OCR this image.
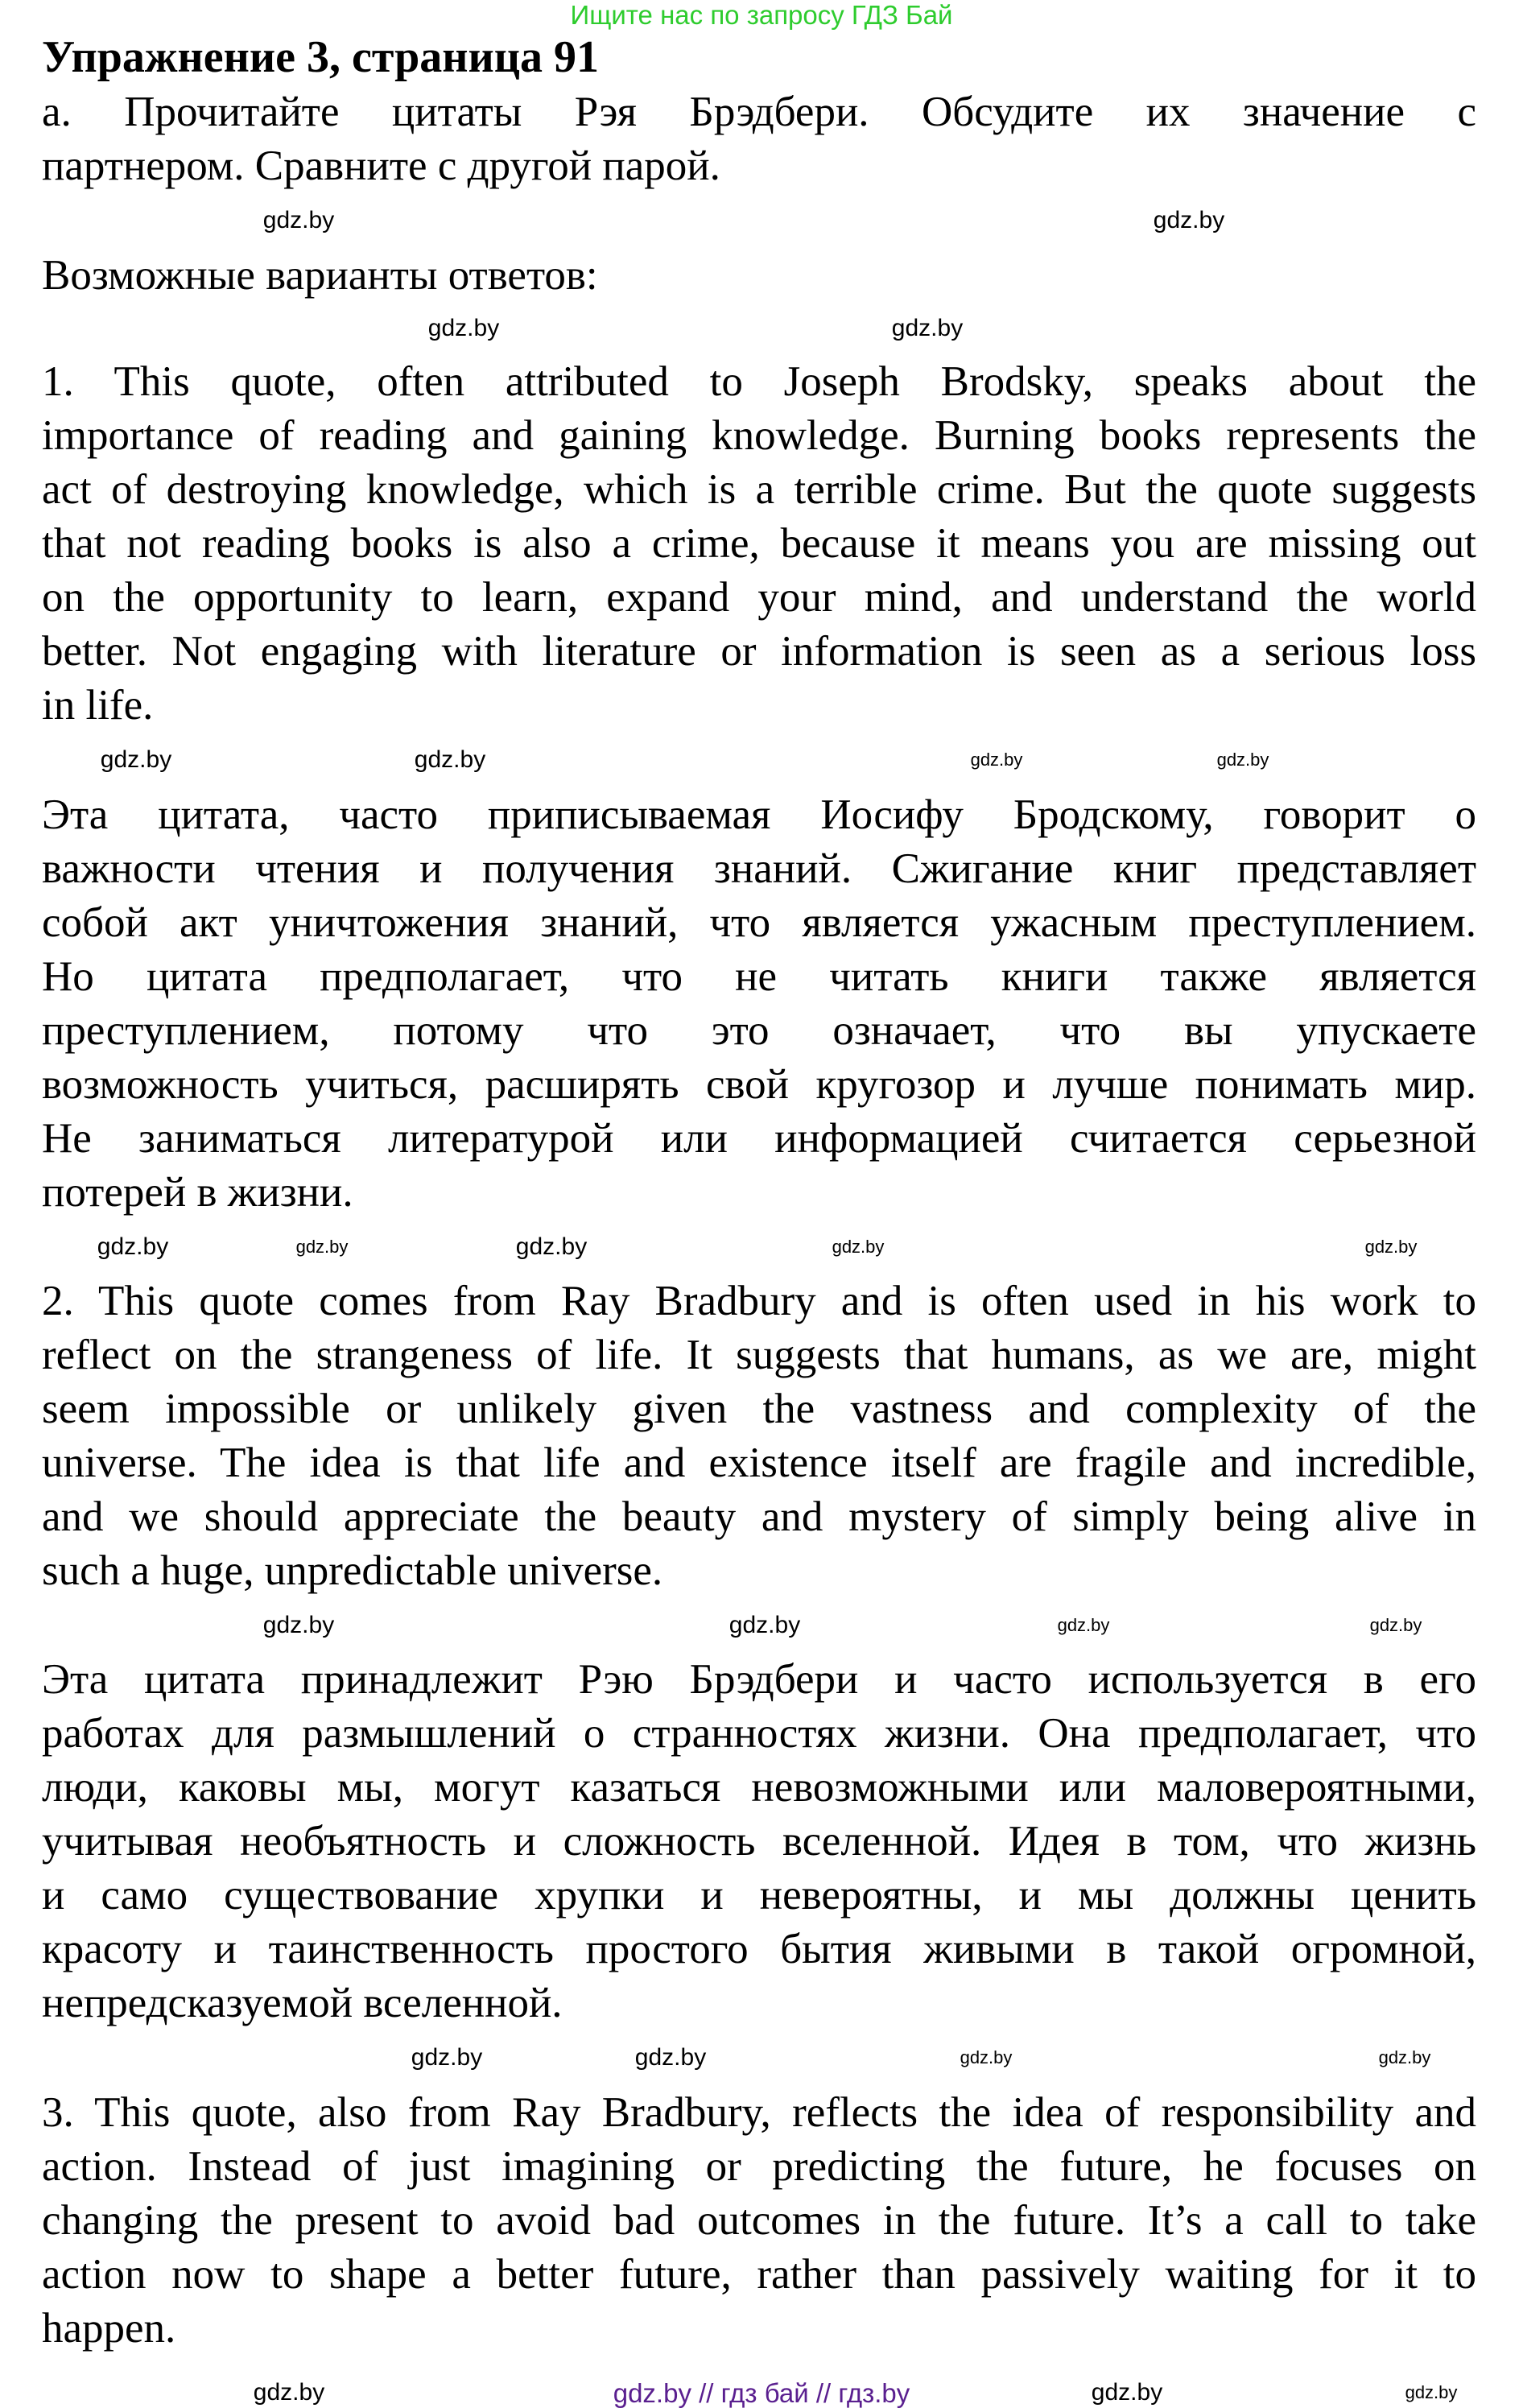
Ищите нас по запросу ГДЗ Бай
Упражнение 3, страница 91
а. Прочитайте цитаты Рэя Брэдбери. Обсудите их значение с
партнером. Сравните с другой парой.
Возможные варианты ответов:
1. This quote, often attributed to Joseph Brodsky, speaks about the
importance of reading and gaining knowledge. Burning books represents the
act of destroying knowledge, which is a terrible crime. But the quote suggests
that not reading books is also a crime, because it means you are missing out
on the opportunity to learn, expand your mind, and understand the world
better. Not engaging with literature or information is seen as a serious loss
in life.
Эта цитата, часто приписываемая Иосифу Бродскому, говорит о
важности чтения и получения знаний. Сжигание книг представляет
собой акт уничтожения знаний, что является ужасным преступлением.
Но цитата предполагает, что не читать книги также является
преступлением, потому что это означает, что вы упускаете
возможность учиться, расширять свой кругозор и лучше понимать мир.
Не заниматься литературой или информацией считается серьезной
потерей в жизни.
2. This quote comes from Ray Bradbury and is often used in his work to
reflect on the strangeness of life. It suggests that humans, as we are, might
seem impossible or unlikely given the vastness and complexity of the
universe. The idea is that life and existence itself are fragile and incredible,
and we should appreciate the beauty and mystery of simply being alive in
such a huge, unpredictable universe.
Эта цитата принадлежит Рэю Брэдбери и часто используется в его
работах для размышлений о странностях жизни. Она предполагает, что
люди, каковы мы, могут казаться невозможными или маловероятными,
учитывая необъятность и сложность вселенной. Идея в том, что жизнь
и само существование хрупки и невероятны, и мы должны ценить
красоту и таинственность простого бытия живыми в такой огромной,
непредсказуемой вселенной.
3. This quote, also from Ray Bradbury, reflects the idea of responsibility and
action. Instead of just imagining or predicting the future, he focuses on
changing the present to avoid bad outcomes in the future. It’s a call to take
action now to shape a better future, rather than passively waiting for it to
happen.
gdz.by
gdz.by
gdz.by
gdz.by
gdz.by
gdz.by	gdz.by
gdz.by
gdz.by
gdz.by
gdz.by	gdz.by
gdz.by
gdz.by
gdz.by	gdz.by
gdz.by
gdz.by	gdz.by
gdz.by
gdz.by
gdz.by
gdz.by	gdz.by
gdz.by // гдз бай // гдз.by
